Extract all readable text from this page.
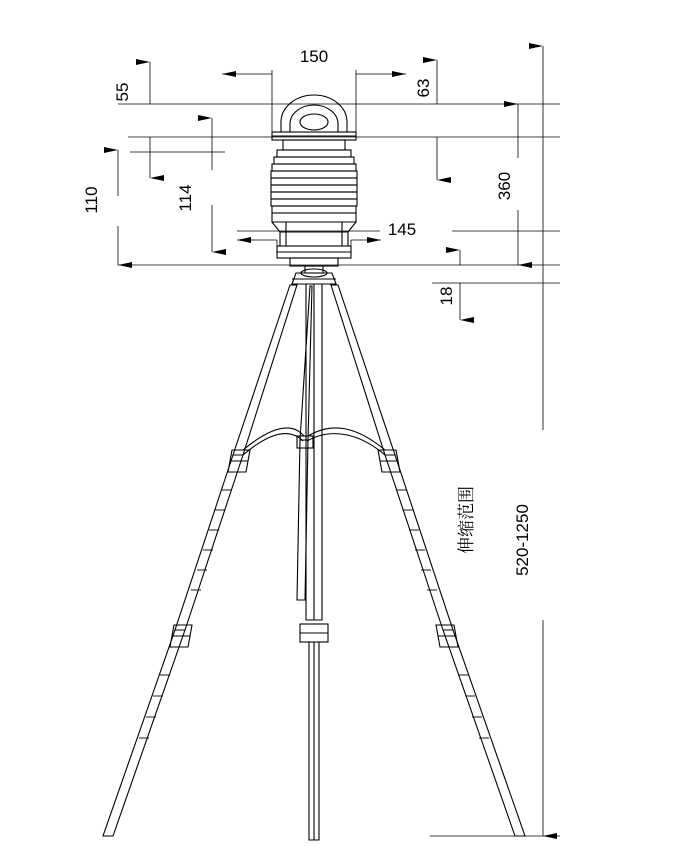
150
63
55
110	114
145
360
18
伸缩范围 520-1250
